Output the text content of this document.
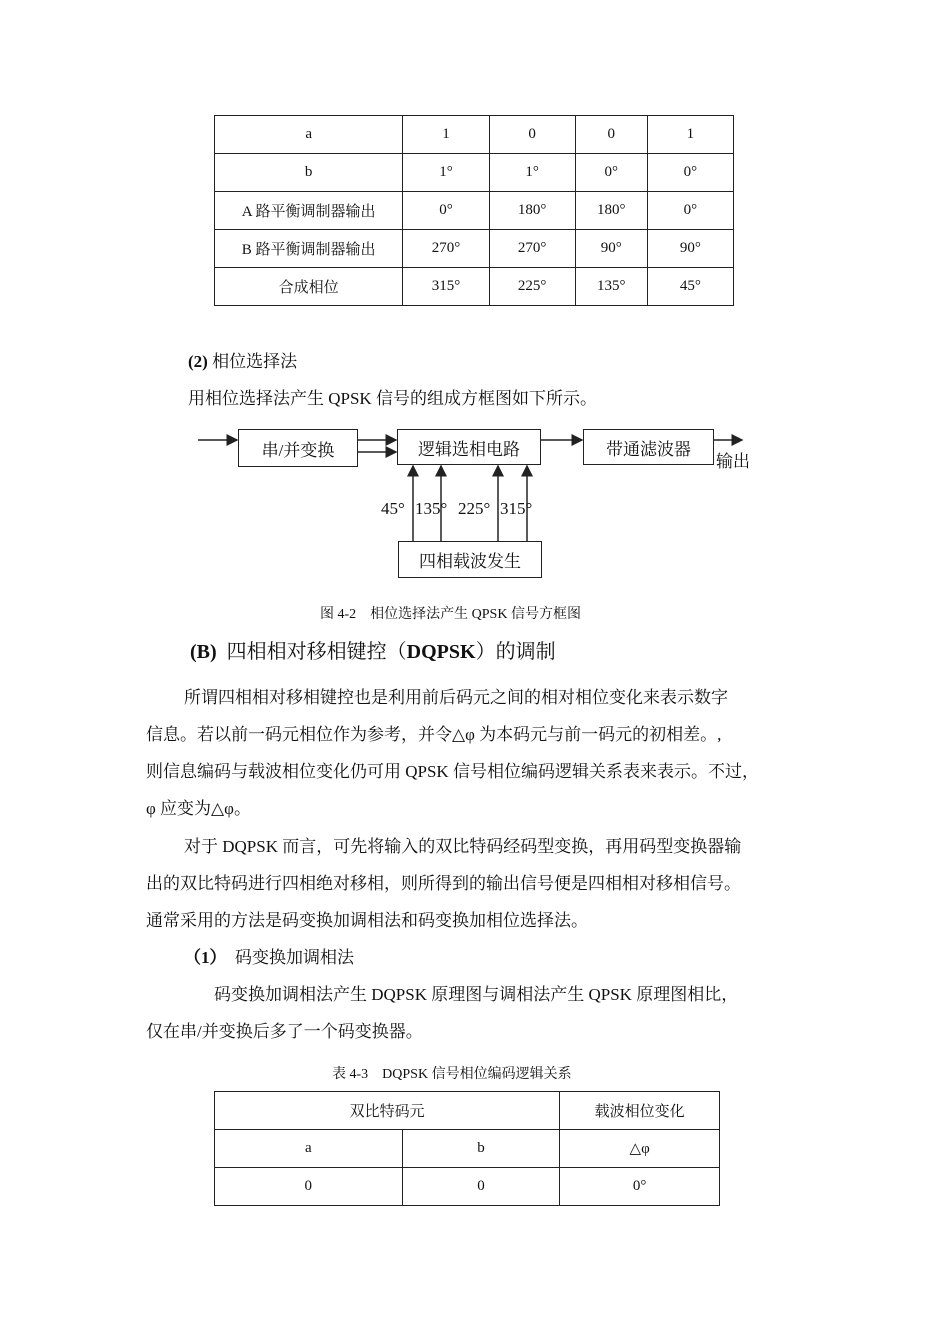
a	1	0	0	1
b	1°	1°	0°	0°
A 路平衡调制器输出	0°	180°	180°	0°
B 路平衡调制器输出	270°	270°	90°	90°
合成相位	315°	225°	135°	45°
(2) 相位选择法
用相位选择法产生 QPSK 信号的组成方框图如下所示。
串/并变换	逻辑选相电路	带通滤波器
输出
45° 135° 225° 315°
四相载波发生
图 4-2　相位选择法产生 QPSK 信号方框图
(B) 四相相对移相键控（DQPSK）的调制
所谓四相相对移相键控也是利用前后码元之间的相对相位变化来表示数字
信息。若以前一码元相位作为参考，并令△φ 为本码元与前一码元的初相差。,
则信息编码与载波相位变化仍可用 QPSK 信号相位编码逻辑关系表来表示。不过，
φ 应变为△φ。
对于 DQPSK 而言，可先将输入的双比特码经码型变换，再用码型变换器输
出的双比特码进行四相绝对移相，则所得到的输出信号便是四相相对移相信号。
通常采用的方法是码变换加调相法和码变换加相位选择法。
（1） 码变换加调相法
码变换加调相法产生 DQPSK 原理图与调相法产生 QPSK 原理图相比，
仅在串/并变换后多了一个码变换器。
表 4-3　DQPSK 信号相位编码逻辑关系
双比特码元		载波相位变化
a	b	△φ
0	0	0°
